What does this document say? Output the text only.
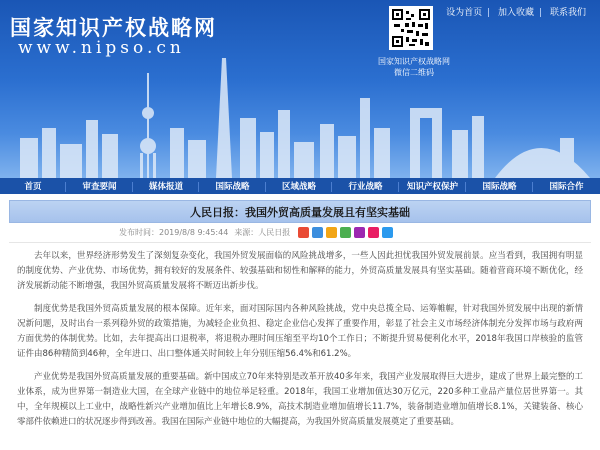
国家知识产权战略网
www.nipso.cn
国家知识产权战略网
微信二维码
设为首页 | 加入收藏 | 联系我们
首页	审查要闻	媒体报道	国际战略	区域战略	行业战略	知识产权保护	国际战略	国际合作
人民日报：我国外贸高质量发展且有坚实基础
发布时间：2019/8/8 9:45:44 来源：人民日报

去年以来，世界经济形势发生了深刻复杂变化，我国外贸发展面临的风险挑战增多，一些人因此担忧我国外贸发展前景。应当看到，我国拥有明显的制度优势、产业优势、市场优势，拥有较好的发展条件、较强基础和韧性和解释的能力，外贸高质量发展具有坚实基础。随着营商环境不断优化，经济发展新动能不断增强，我国外贸高质量发展将不断迈出新步伐。

制度优势是我国外贸高质量发展的根本保障。近年来，面对国际国内各种风险挑战，党中央总揽全局、运筹帷幄，针对我国外贸发展中出现的新情况新问题，及时出台一系列稳外贸的政策措施，为减轻企业负担、稳定企业信心发挥了重要作用，彰显了社会主义市场经济体制充分发挥市场与政府两方面优势的体制优势。比如，去年提高出口退税率，将退税办理时间压缩至平均10个工作日；不断提升贸易便利化水平，2018年我国口岸核验的监管证件由86种精简到46种，全年进口、出口整体通关时间较上年分别压缩56.4%和61.2%。

产业优势是我国外贸高质量发展的重要基础。新中国成立70年来特别是改革开放40多年来，我国产业发展取得巨大进步，建成了世界上最完整的工业体系，成为世界第一制造业大国，在全球产业链中的地位举足轻重。2018年，我国工业增加值达30万亿元，220多种工业品产量位居世界第一。其中，全年规模以上工业中，战略性新兴产业增加值比上年增长8.9%，高技术制造业增加值增长11.7%，装备制造业增加值增长8.1%，关键装备、核心零部件依赖进口的状况逐步得到改善。我国在国际产业链中地位的大幅提高，为我国外贸高质量发展奠定了重要基础。
